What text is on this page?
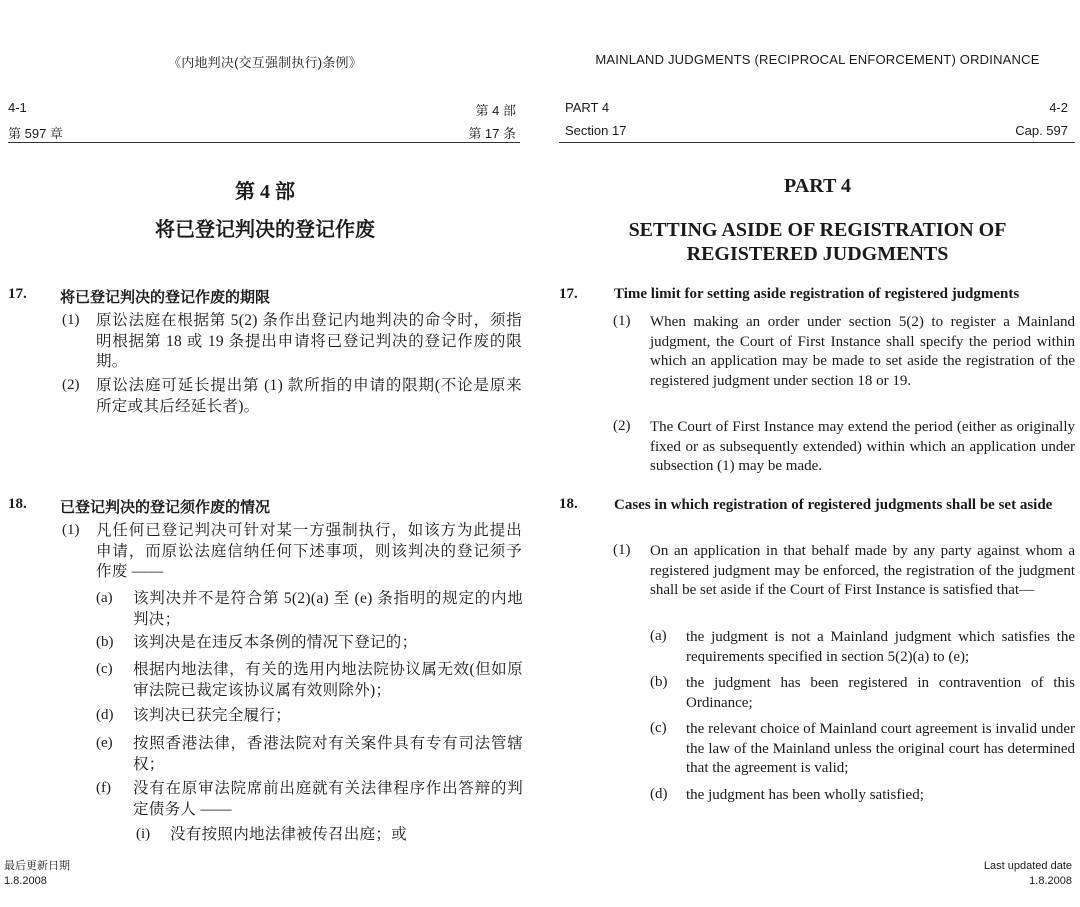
《内地判决(交互强制执行)条例》
4-1	第 4 部
第 597 章	第 17 条
第 4 部
将已登记判决的登记作废
17. 将已登记判决的登记作废的期限
(1) 原讼法庭在根据第 5(2) 条作出登记内地判决的命令时，须指明根据第 18 或 19 条提出申请将已登记判决的登记作废的限期。
(2) 原讼法庭可延长提出第 (1) 款所指的申请的限期(不论是原来所定或其后经延长者)。
18. 已登记判决的登记须作废的情况
(1) 凡任何已登记判决可针对某一方强制执行，如该方为此提出申请，而原讼法庭信纳任何下述事项，则该判决的登记须予作废 ——
(a) 该判决并不是符合第 5(2)(a) 至 (e) 条指明的规定的内地判决；
(b) 该判决是在违反本条例的情况下登记的；
(c) 根据内地法律，有关的选用内地法院协议属无效(但如原审法院已裁定该协议属有效则除外)；
(d) 该判决已获完全履行；
(e) 按照香港法律，香港法院对有关案件具有专有司法管辖权；
(f) 没有在原审法院席前出庭就有关法律程序作出答辩的判定债务人 ——
(i) 没有按照内地法律被传召出庭；或
最后更新日期
1.8.2008
MAINLAND JUDGMENTS (RECIPROCAL ENFORCEMENT) ORDINANCE
PART 4	4-2
Section 17	Cap. 597
PART 4
SETTING ASIDE OF REGISTRATION OF
REGISTERED JUDGMENTS
17. Time limit for setting aside registration of registered judgments
(1) When making an order under section 5(2) to register a Mainland judgment, the Court of First Instance shall specify the period within which an application may be made to set aside the registration of the registered judgment under section 18 or 19.
(2) The Court of First Instance may extend the period (either as originally fixed or as subsequently extended) within which an application under subsection (1) may be made.
18. Cases in which registration of registered judgments shall be set aside
(1) On an application in that behalf made by any party against whom a registered judgment may be enforced, the registration of the judgment shall be set aside if the Court of First Instance is satisfied that—
(a) the judgment is not a Mainland judgment which satisfies the requirements specified in section 5(2)(a) to (e);
(b) the judgment has been registered in contravention of this Ordinance;
(c) the relevant choice of Mainland court agreement is invalid under the law of the Mainland unless the original court has determined that the agreement is valid;
(d) the judgment has been wholly satisfied;
Last updated date
1.8.2008
